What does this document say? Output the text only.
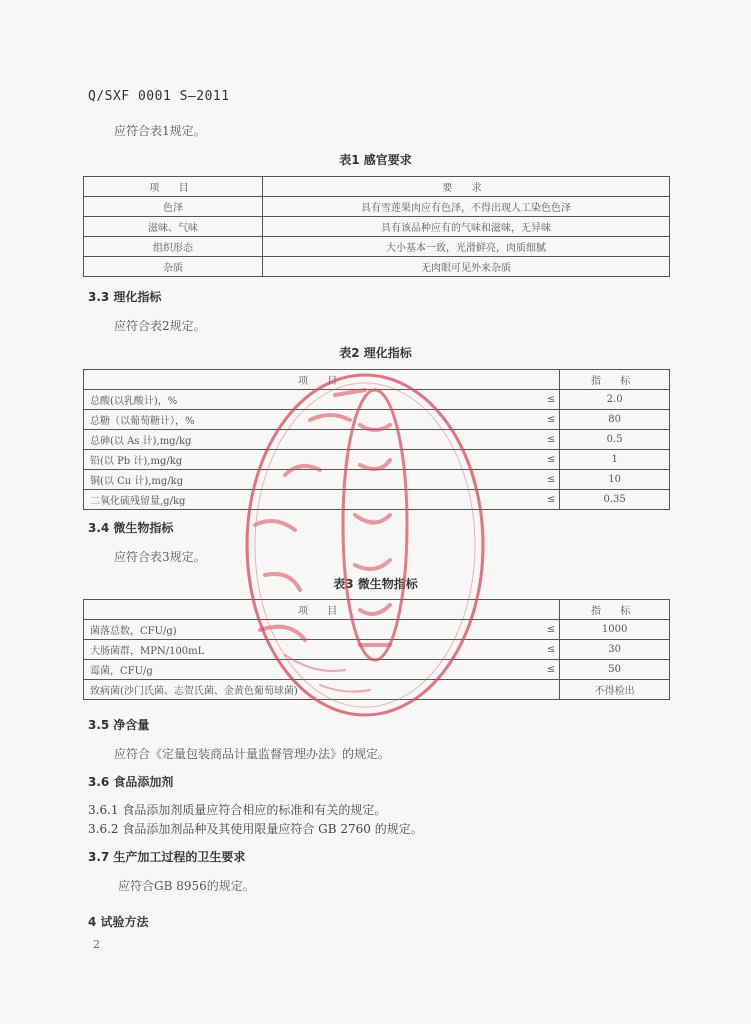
Q/SXF 0001 S—2011
应符合表1规定。
表1 感官要求
项 目	要 求
色泽	具有雪莲果肉应有色泽，不得出现人工染色色泽
滋味、气味	具有该品种应有的气味和滋味，无异味
组织形态	大小基本一致，光滑鲜亮，肉质细腻
杂质	无肉眼可见外来杂质
3.3 理化指标
应符合表2规定。
表2 理化指标
项 目		指 标
总酸(以乳酸计)，%	≤	2.0
总糖（以葡萄糖计），%	≤	80
总砷(以 As 计),mg/kg	≤	0.5
铅(以 Pb 计),mg/kg	≤	1
铜(以 Cu 计),mg/kg	≤	10
二氧化硫残留量,g/kg	≤	0.35
3.4 微生物指标
应符合表3规定。
表3 微生物指标
项 目		指 标
菌落总数，CFU/g)	≤	1000
大肠菌群，MPN/100mL	≤	30
霉菌，CFU/g	≤	50
致病菌(沙门氏菌、志贺氏菌、金黄色葡萄球菌)		不得检出
3.5 净含量
应符合《定量包装商品计量监督管理办法》的规定。
3.6 食品添加剂
3.6.1 食品添加剂质量应符合相应的标准和有关的规定。
3.6.2 食品添加剂品种及其使用限量应符合 GB 2760 的规定。
3.7 生产加工过程的卫生要求
应符合GB 8956的规定。
4 试验方法
2
